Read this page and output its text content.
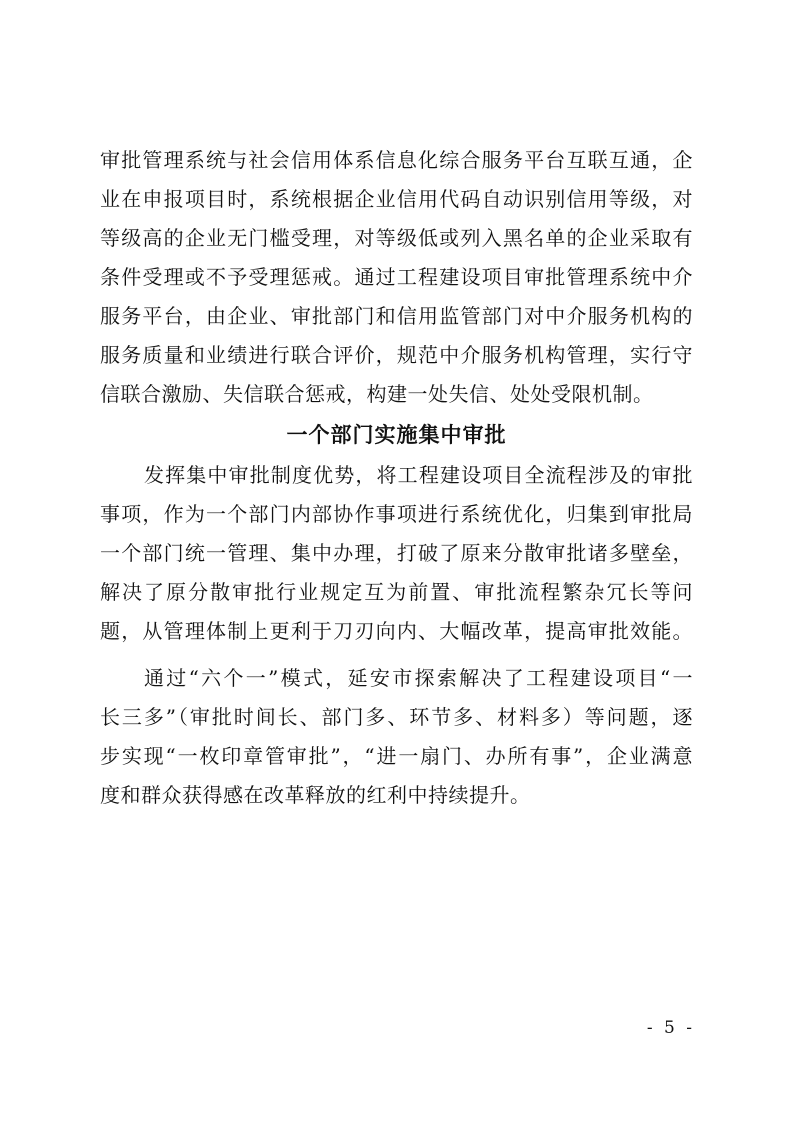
审批管理系统与社会信用体系信息化综合服务平台互联互通，企
业在申报项目时，系统根据企业信用代码自动识别信用等级，对
等级高的企业无门槛受理，对等级低或列入黑名单的企业采取有
条件受理或不予受理惩戒。通过工程建设项目审批管理系统中介
服务平台，由企业、审批部门和信用监管部门对中介服务机构的
服务质量和业绩进行联合评价，规范中介服务机构管理，实行守
信联合激励、失信联合惩戒，构建一处失信、处处受限机制。
一个部门实施集中审批
发挥集中审批制度优势，将工程建设项目全流程涉及的审批
事项，作为一个部门内部协作事项进行系统优化，归集到审批局
一个部门统一管理、集中办理，打破了原来分散审批诸多壁垒，
解决了原分散审批行业规定互为前置、审批流程繁杂冗长等问
题，从管理体制上更利于刀刃向内、大幅改革，提高审批效能。
通过“六个一”模式，延安市探索解决了工程建设项目“一
长三多”（审批时间长、部门多、环节多、材料多）等问题，逐
步实现“一枚印章管审批”，“进一扇门、办所有事”，企业满意
度和群众获得感在改革释放的红利中持续提升。
- 5 -
